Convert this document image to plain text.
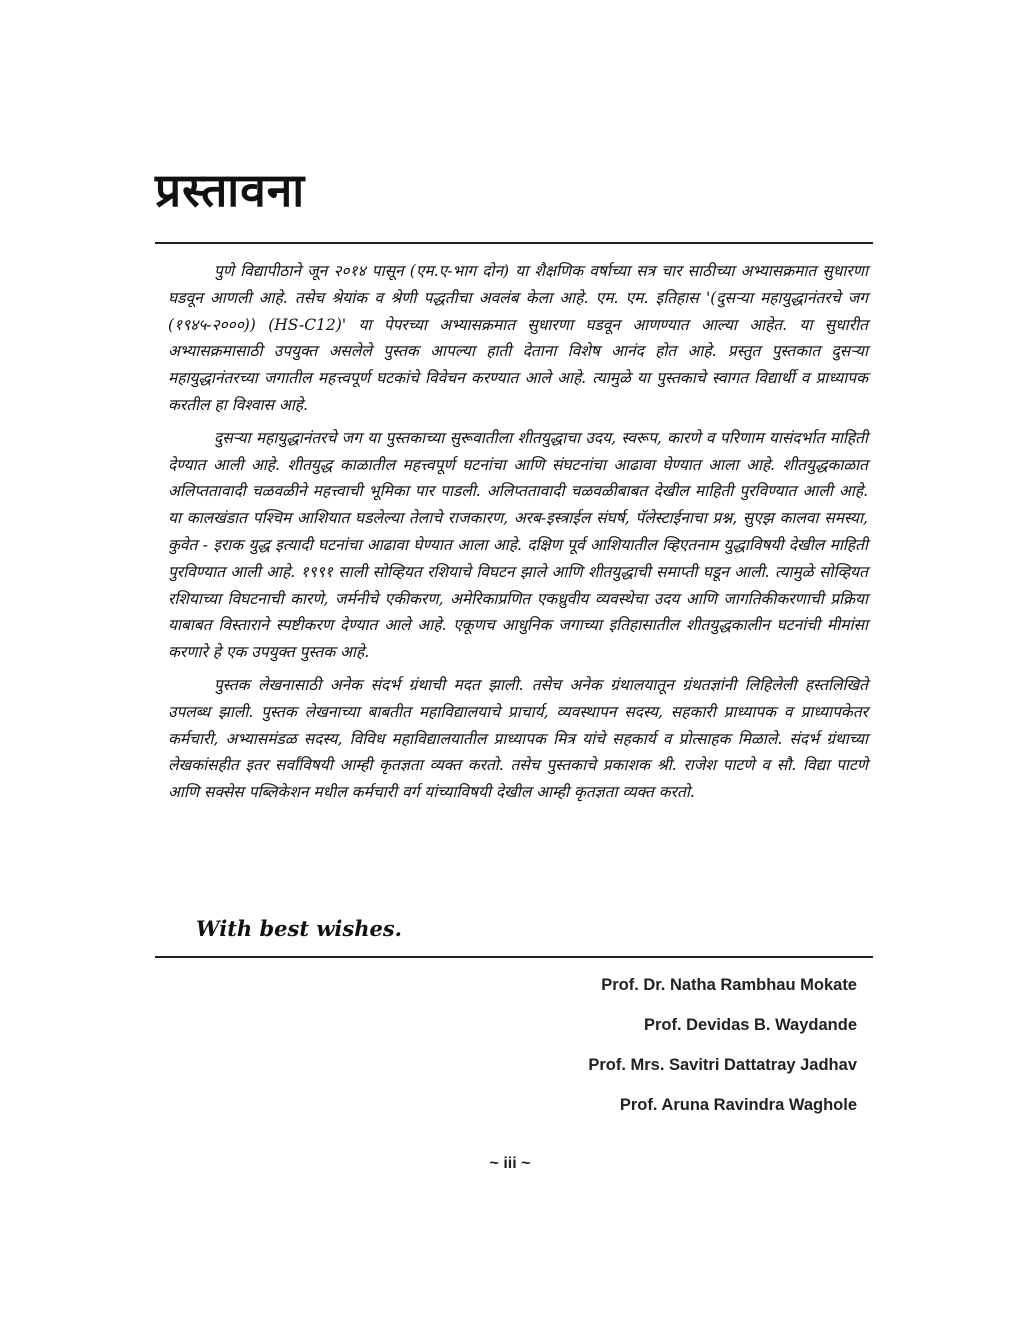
प्रस्तावना

पुणे विद्यापीठाने जून २०१४ पासून (एम.ए-भाग दोन) या शैक्षणिक वर्षाच्या सत्र चार साठीच्या अभ्यासक्रमात सुधारणा घडवून आणली आहे. तसेच श्रेयांक व श्रेणी पद्धतीचा अवलंब केला आहे. एम. एम. इतिहास '(दुसऱ्या महायुद्धानंतरचे जग (१९४५-२०००)) (HS-C12)' या पेपरच्या अभ्यासक्रमात सुधारणा घडवून आणण्यात आल्या आहेत. या सुधारीत अभ्यासक्रमासाठी उपयुक्त असलेले पुस्तक आपल्या हाती देताना विशेष आनंद होत आहे. प्रस्तुत पुस्तकात दुसऱ्या महायुद्धानंतरच्या जगातील महत्त्वपूर्ण घटकांचे विवेचन करण्यात आले आहे. त्यामुळे या पुस्तकाचे स्वागत विद्यार्थी व प्राध्यापक करतील हा विश्वास आहे.

दुसऱ्या महायुद्धानंतरचे जग या पुस्तकाच्या सुरूवातीला शीतयुद्धाचा उदय, स्वरूप, कारणे व परिणाम यासंदर्भात माहिती देण्यात आली आहे. शीतयुद्ध काळातील महत्त्वपूर्ण घटनांचा आणि संघटनांचा आढावा घेण्यात आला आहे. शीतयुद्धकाळात अलिप्ततावादी चळवळीने महत्त्वाची भूमिका पार पाडली. अलिप्ततावादी चळवळीबाबत देखील माहिती पुरविण्यात आली आहे. या कालखंडात पश्चिम आशियात घडलेल्या तेलाचे राजकारण, अरब-इस्त्राईल संघर्ष, पॅलेस्टाईनाचा प्रश्न, सुएझ कालवा समस्या, कुवेत - इराक युद्ध इत्यादी घटनांचा आढावा घेण्यात आला आहे. दक्षिण पूर्व आशियातील व्हिएतनाम युद्धाविषयी देखील माहिती पुरविण्यात आली आहे. १९९१ साली सोव्हियत रशियाचे विघटन झाले आणि शीतयुद्धाची समाप्ती घडून आली. त्यामुळे सोव्हियत रशियाच्या विघटनाची कारणे, जर्मनीचे एकीकरण, अमेरिकाप्रणित एकध्रुवीय व्यवस्थेचा उदय आणि जागतिकीकरणाची प्रक्रिया याबाबत विस्ताराने स्पष्टीकरण देण्यात आले आहे. एकूणच आधुनिक जगाच्या इतिहासातील शीतयुद्धकालीन घटनांची मीमांसा करणारे हे एक उपयुक्त पुस्तक आहे.

पुस्तक लेखनासाठी अनेक संदर्भ ग्रंथाची मदत झाली. तसेच अनेक ग्रंथालयातून ग्रंथतज्ञांनी लिहिलेली हस्तलिखिते उपलब्ध झाली. पुस्तक लेखनाच्या बाबतीत महाविद्यालयाचे प्राचार्य, व्यवस्थापन सदस्य, सहकारी प्राध्यापक व प्राध्यापकेतर कर्मचारी, अभ्यासमंडळ सदस्य, विविध महाविद्यालयातील प्राध्यापक मित्र यांचे सहकार्य व प्रोत्साहक मिळाले. संदर्भ ग्रंथाच्या लेखकांसहीत इतर सर्वांविषयी आम्ही कृतज्ञता व्यक्त करतो. तसेच पुस्तकाचे प्रकाशक श्री. राजेश पाटणे व सौ. विद्या पाटणे आणि सक्सेस पब्लिकेशन मधील कर्मचारी वर्ग यांच्याविषयी देखील आम्ही कृतज्ञता व्यक्त करतो.

With best wishes.

Prof. Dr. Natha Rambhau Mokate
Prof. Devidas B. Waydande
Prof. Mrs. Savitri Dattatray Jadhav
Prof. Aruna Ravindra Waghole
~ iii ~
